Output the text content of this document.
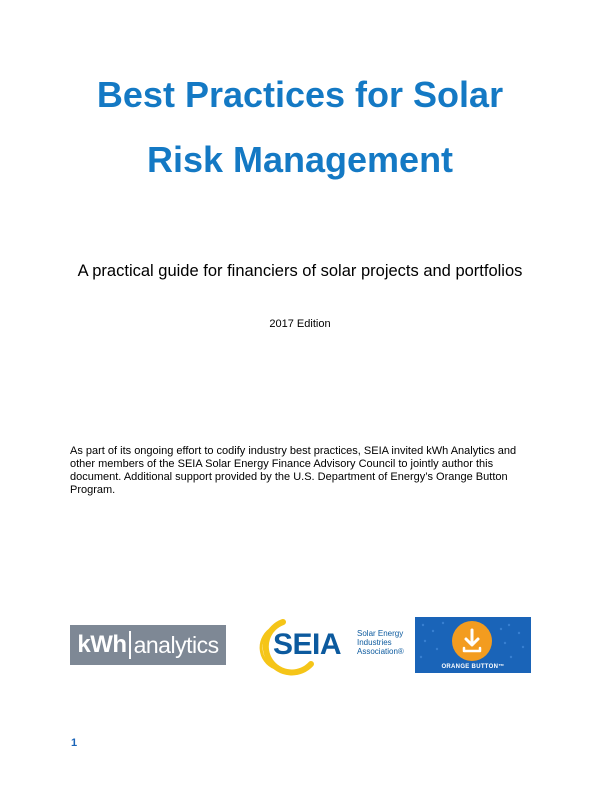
Best Practices for Solar
Risk Management
A practical guide for financiers of solar projects and portfolios
2017 Edition
As part of its ongoing effort to codify industry best practices, SEIA invited kWh Analytics and other members of the SEIA Solar Energy Finance Advisory Council to jointly author this document. Additional support provided by the U.S. Department of Energy’s Orange Button Program.
kWh analytics SEIA Solar Energy
Industries
Association®
ORANGE BUTTON™
1
